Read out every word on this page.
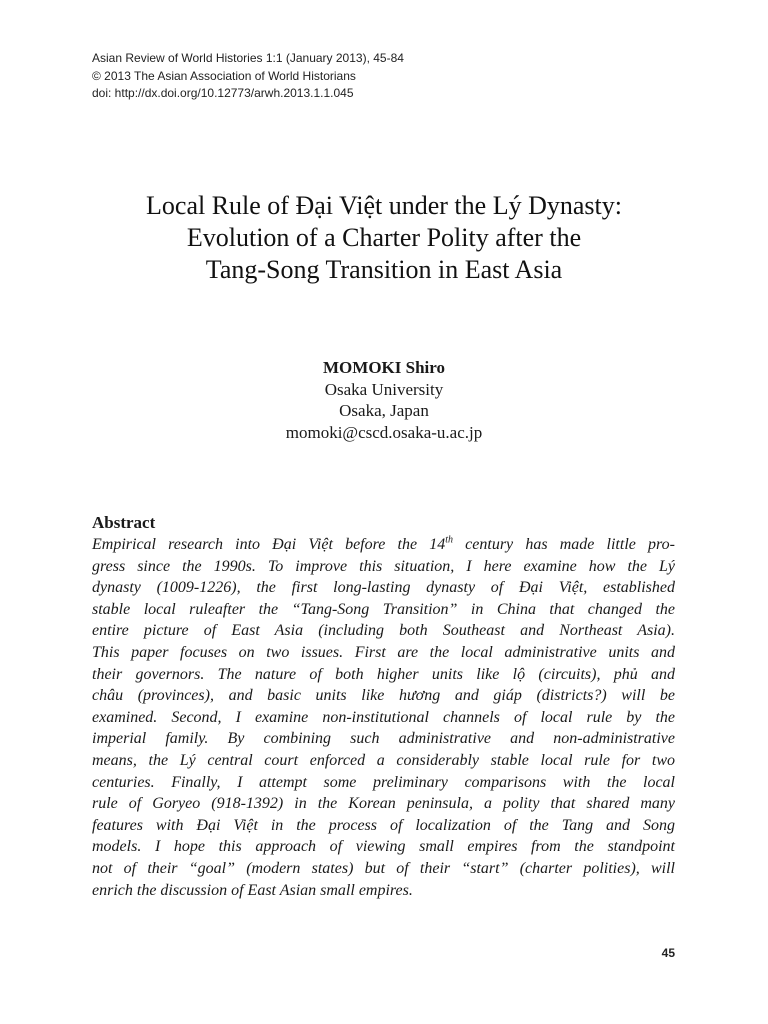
Asian Review of World Histories 1:1 (January 2013), 45-84
© 2013 The Asian Association of World Historians
doi: http://dx.doi.org/10.12773/arwh.2013.1.1.045
Local Rule of Đại Việt under the Lý Dynasty:
Evolution of a Charter Polity after the
Tang-Song Transition in East Asia
MOMOKI Shiro
Osaka University
Osaka, Japan
momoki@cscd.osaka-u.ac.jp
Abstract
Empirical research into Đại Việt before the 14th century has made little pro-
gress since the 1990s. To improve this situation, I here examine how the Lý
dynasty (1009-1226), the first long-lasting dynasty of Đại Việt, established
stable local ruleafter the “Tang-Song Transition” in China that changed the
entire picture of East Asia (including both Southeast and Northeast Asia).
This paper focuses on two issues. First are the local administrative units and
their governors. The nature of both higher units like lộ (circuits), phủ and
châu (provinces), and basic units like hương and giáp (districts?) will be
examined. Second, I examine non-institutional channels of local rule by the
imperial family. By combining such administrative and non-administrative
means, the Lý central court enforced a considerably stable local rule for two
centuries. Finally, I attempt some preliminary comparisons with the local
rule of Goryeo (918-1392) in the Korean peninsula, a polity that shared many
features with Đại Việt in the process of localization of the Tang and Song
models. I hope this approach of viewing small empires from the standpoint
not of their “goal” (modern states) but of their “start” (charter polities), will
enrich the discussion of East Asian small empires.
45
